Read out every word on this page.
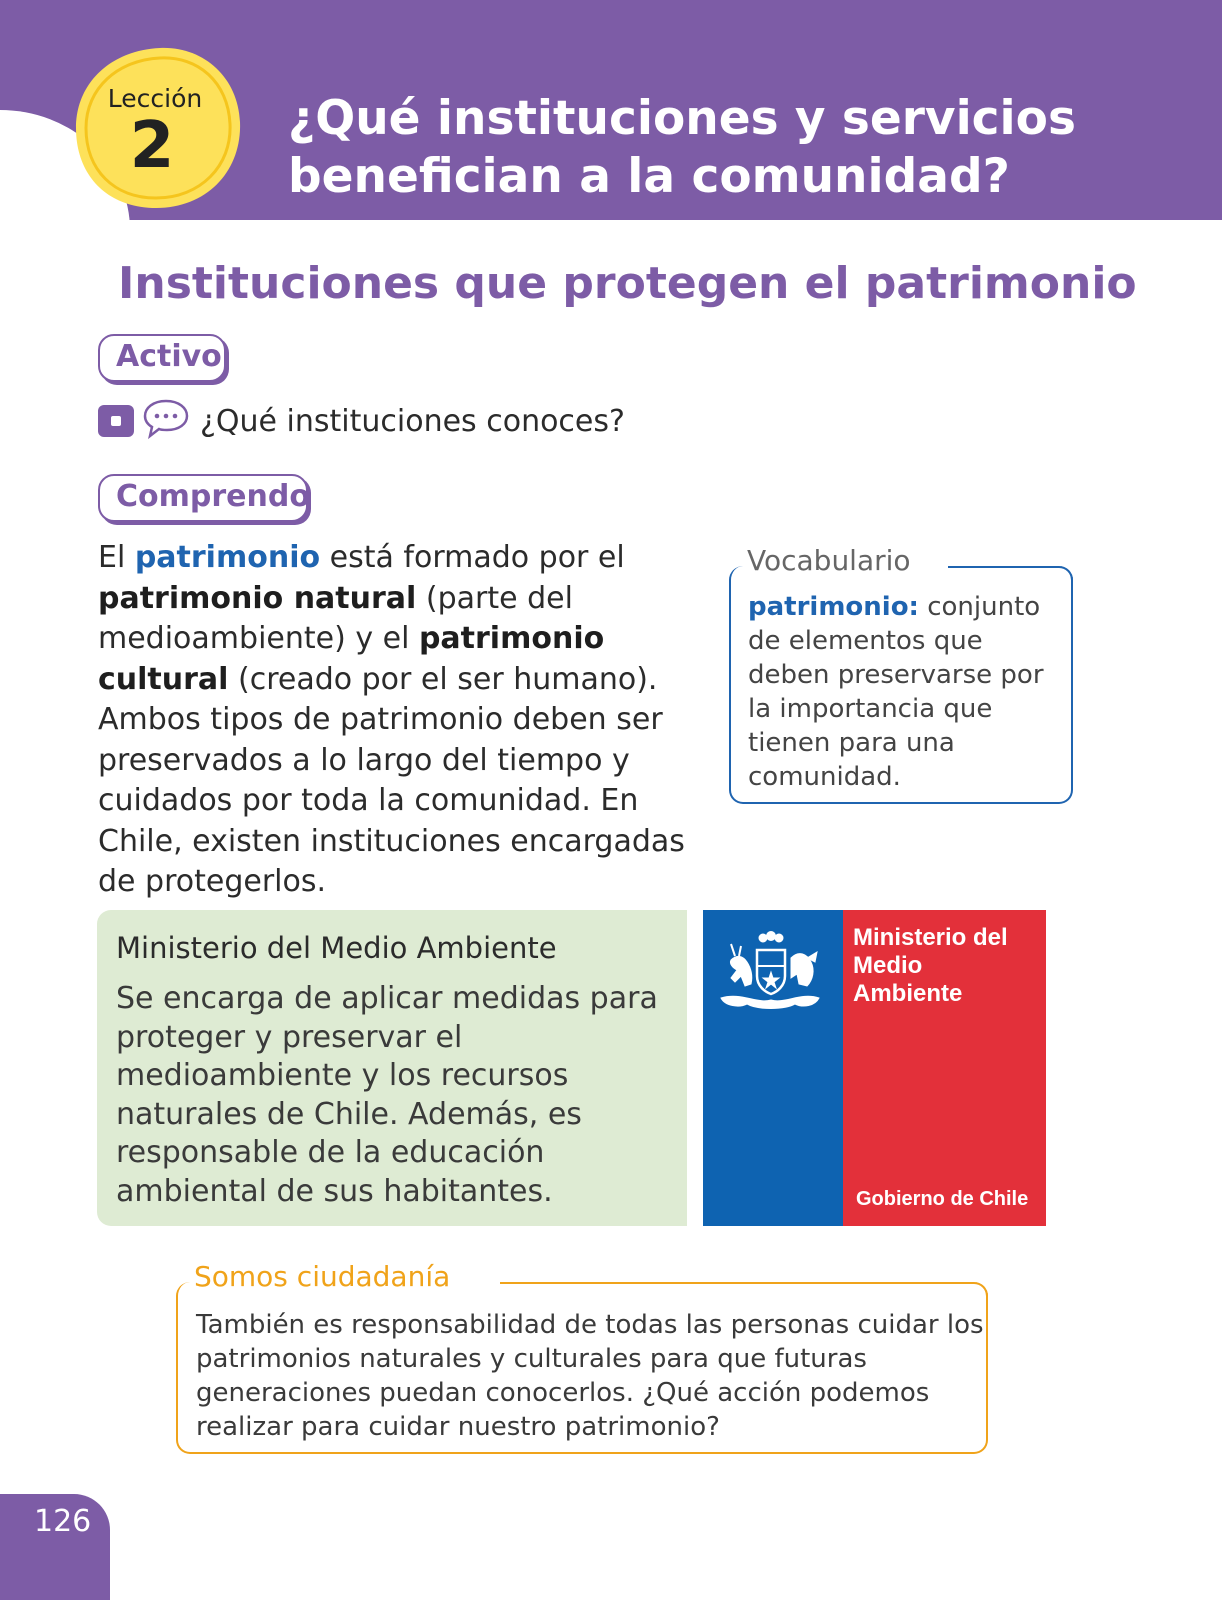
Lección
2	¿Qué instituciones y servicios
benefician a la comunidad?
Instituciones que protegen el patrimonio
Activo
¿Qué instituciones conoces?
Comprendo
El patrimonio está formado por el patrimonio natural (parte del medioambiente) y el patrimonio cultural (creado por el ser humano). Ambos tipos de patrimonio deben ser preservados a lo largo del tiempo y cuidados por toda la comunidad. En Chile, existen instituciones encargadas de protegerlos.
Vocabulario
patrimonio: conjunto de elementos que deben preservarse por la importancia que tienen para una comunidad.
Ministerio del Medio Ambiente
Se encarga de aplicar medidas para proteger y preservar el medioambiente y los recursos naturales de Chile. Además, es responsable de la educación ambiental de sus habitantes.
Ministerio del
Medio
Ambiente
Gobierno de Chile
Somos ciudadanía
También es responsabilidad de todas las personas cuidar los patrimonios naturales y culturales para que futuras generaciones puedan conocerlos. ¿Qué acción podemos realizar para cuidar nuestro patrimonio?
126
